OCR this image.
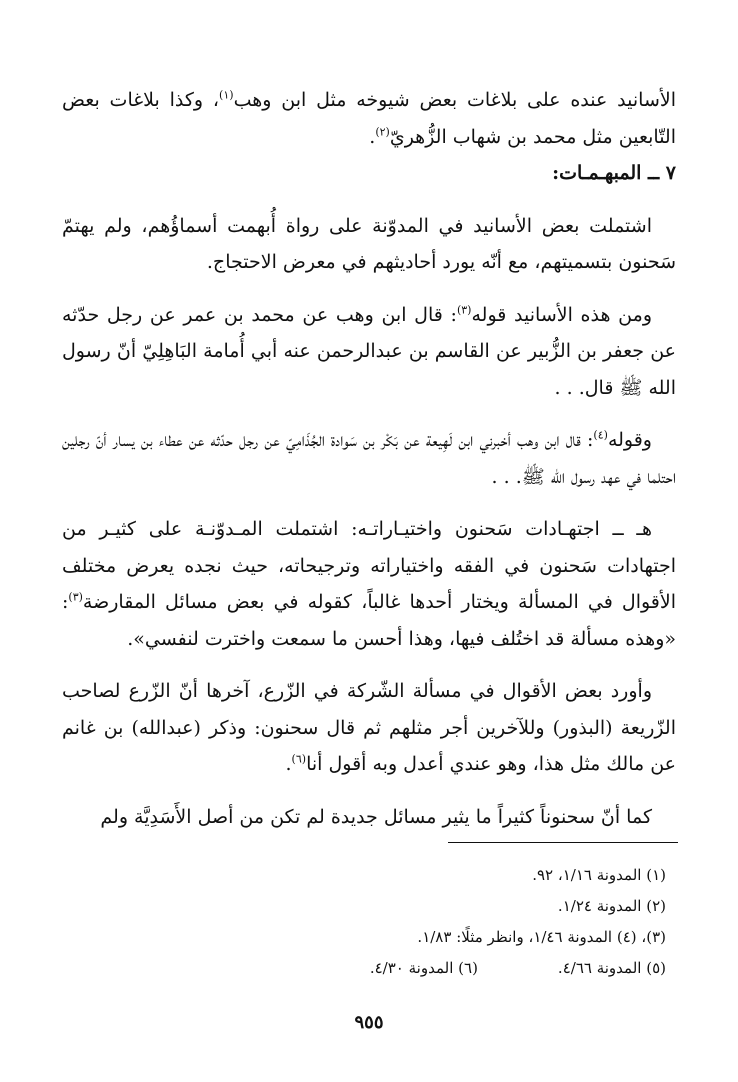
الأسانيد عنده على بلاغات بعض شيوخه مثل ابن وهب$^{(١)}$، وكذا بلاغات بعض التّابعين مثل محمد بن شهاب الزُّهريّ$^{(٢)}$.

٧ ــ المبهـمـات:

اشتملت بعض الأسانيد في المدوّنة على رواة أُبهمت أسماؤُهم، ولم يهتمّ سَحنون بتسميتهم، مع أنّه يورد أحاديثهم في معرض الاحتجاج.

ومن هذه الأسانيد قوله$^{(٣)}$: قال ابن وهب عن محمد بن عمر عن رجل حدّثه عن جعفر بن الزُّبير عن القاسم بن عبدالرحمن عنه أبي أُمامة البَاهِلِيّ أنّ رسول الله ﷺ قال. . .

وقوله$^{(٤)}$: قال ابن وهب أخبرني ابن لَهِيعة عن بَكْر بن سَوادة الجُذَامِيّ عن رجل حدّثه عن عطاء بن يسار أنّ رجلين احتلما في عهد رسول الله ﷺ. . .

هـ ــ اجتهـادات سَحنون واختيـاراتـه: اشتملت المـدوّنـة على كثيـر من اجتهادات سَحنون في الفقه واختياراته وترجيحاته، حيث نجده يعرض مختلف الأقوال في المسألة ويختار أحدها غالباً، كقوله في بعض مسائل المقارضة$^{(٣)}$: «وهذه مسألة قد اختُلف فيها، وهذا أحسن ما سمعت واخترت لنفسي».

وأورد بعض الأقوال في مسألة الشّركة في الزّرع، آخرها أنّ الزّرع لصاحب الزّريعة (البذور) وللآخرين أجر مثلهم ثم قال سحنون: وذكر (عبدالله) بن غانم عن مالك مثل هذا، وهو عندي أعدل وبه أقول أنا$^{(٦)}$.

كما أنّ سحنوناً كثيراً ما يثير مسائل جديدة لم تكن من أصل الأَسَدِيَّة ولم

(١) المدونة ١/١٦، ٩٢.
(٢) المدونة ١/٢٤.
(٣)، (٤) المدونة ١/٤٦، وانظر مثلًا: ١/٨٣.
(٥) المدونة ٤/٦٦.(٦) المدونة ٤/٣٠.
٩٥٥
